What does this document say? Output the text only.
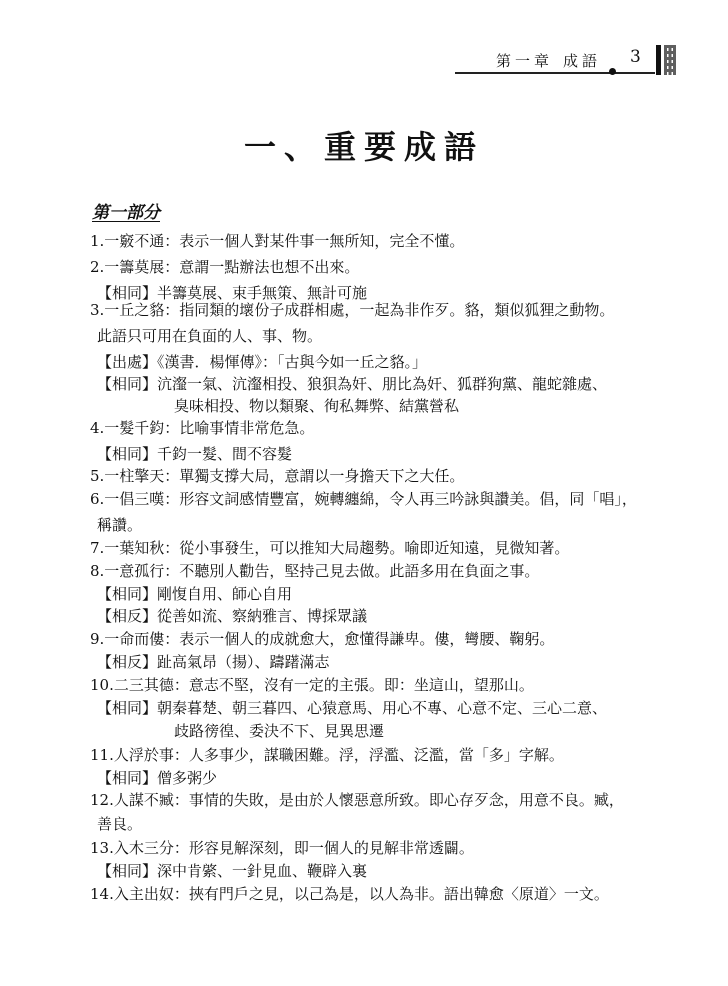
第一章 成語 3
一、重要成語
第一部分
1.一竅不通：表示一個人對某件事一無所知，完全不懂。
2.一籌莫展：意謂一點辦法也想不出來。
【相同】半籌莫展、束手無策、無計可施
3.一丘之貉：指同類的壞份子成群相處，一起為非作歹。貉，類似狐狸之動物。
此語只可用在負面的人、事、物。
【出處】《漢書．楊惲傳》：「古與今如一丘之貉。」
【相同】沆瀣一氣、沆瀣相投、狼狽為奸、朋比為奸、狐群狗黨、龍蛇雜處、
臭味相投、物以類聚、徇私舞弊、結黨營私
4.一髮千鈞：比喻事情非常危急。
【相同】千鈞一髮、間不容髮
5.一柱擎天：單獨支撐大局，意謂以一身擔天下之大任。
6.一倡三嘆：形容文詞感情豐富，婉轉纏綿，令人再三吟詠與讚美。倡，同「唱」，
稱讚。
7.一葉知秋：從小事發生，可以推知大局趨勢。喻即近知遠，見微知著。
8.一意孤行：不聽別人勸告，堅持己見去做。此語多用在負面之事。
【相同】剛愎自用、師心自用
【相反】從善如流、察納雅言、博採眾議
9.一命而僂：表示一個人的成就愈大，愈懂得謙卑。僂，彎腰、鞠躬。
【相反】趾高氣昂（揚）、躊躇滿志
10.二三其德：意志不堅，沒有一定的主張。即：坐這山，望那山。
【相同】朝秦暮楚、朝三暮四、心猿意馬、用心不專、心意不定、三心二意、
歧路徬徨、委決不下、見異思遷
11.人浮於事：人多事少，謀職困難。浮，浮濫、泛濫，當「多」字解。
【相同】僧多粥少
12.人謀不臧：事情的失敗，是由於人懷惡意所致。即心存歹念，用意不良。臧，
善良。
13.入木三分：形容見解深刻，即一個人的見解非常透闢。
【相同】深中肯綮、一針見血、鞭辟入裏
14.入主出奴：挾有門戶之見，以己為是，以人為非。語出韓愈〈原道〉一文。
